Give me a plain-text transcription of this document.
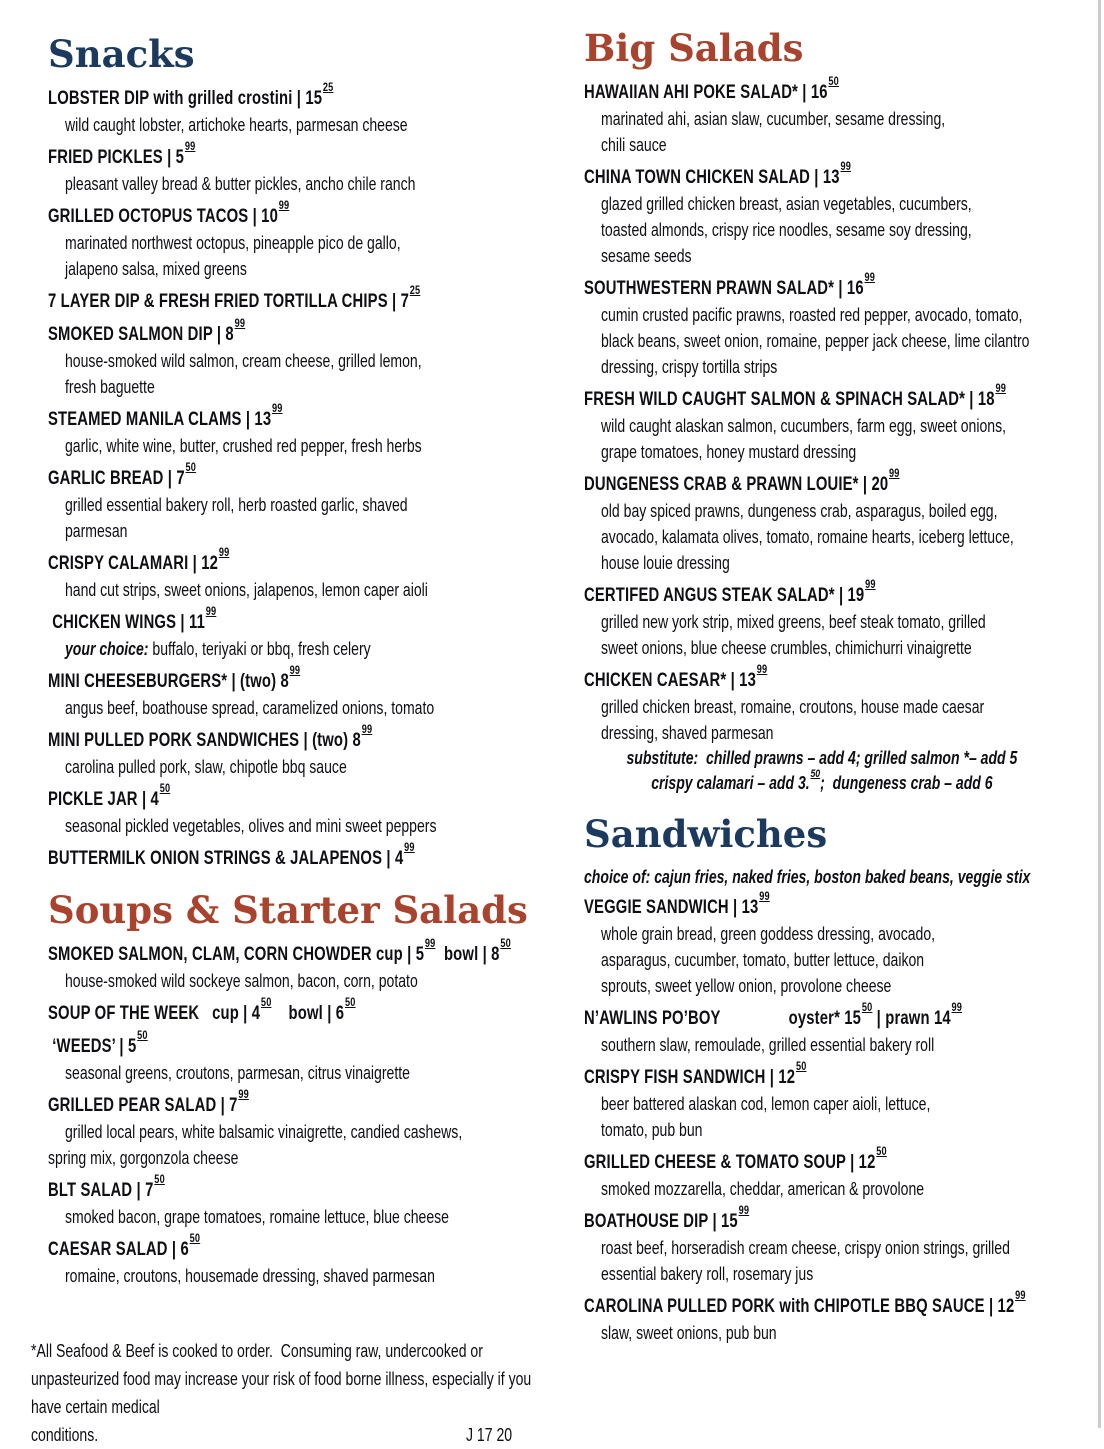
Snacks
LOBSTER DIP with grilled crostini | $15^{25}$
wild caught lobster, artichoke hearts, parmesan cheese
FRIED PICKLES | $5^{99}$
pleasant valley bread & butter pickles, ancho chile ranch
GRILLED OCTOPUS TACOS | $10^{99}$
marinated northwest octopus, pineapple pico de gallo,
jalapeno salsa, mixed greens
7 LAYER DIP & FRESH FRIED TORTILLA CHIPS | $7^{25}$
SMOKED SALMON DIP | $8^{99}$
house-smoked wild salmon, cream cheese, grilled lemon,
fresh baguette
STEAMED MANILA CLAMS | $13^{99}$
garlic, white wine, butter, crushed red pepper, fresh herbs
GARLIC BREAD | $7^{50}$
grilled essential bakery roll, herb roasted garlic, shaved
parmesan
CRISPY CALAMARI | $12^{99}$
hand cut strips, sweet onions, jalapenos, lemon caper aioli
CHICKEN WINGS | $11^{99}$
your choice: buffalo, teriyaki or bbq, fresh celery
MINI CHEESEBURGERS* | (two) $8^{99}$
angus beef, boathouse spread, caramelized onions, tomato
MINI PULLED PORK SANDWICHES | (two) $8^{99}$
carolina pulled pork, slaw, chipotle bbq sauce
PICKLE JAR | $4^{50}$
seasonal pickled vegetables, olives and mini sweet peppers
BUTTERMILK ONION STRINGS & JALAPENOS | $4^{99}$
Soups & Starter Salads
SMOKED SALMON, CLAM, CORN CHOWDER cup | $5^{99}$  bowl | $8^{50}$
house-smoked wild sockeye salmon, bacon, corn, potato
SOUP OF THE WEEK   cup | $4^{50}$    bowl | $6^{50}$
‘WEEDS’ | $5^{50}$
seasonal greens, croutons, parmesan, citrus vinaigrette
GRILLED PEAR SALAD | $7^{99}$
grilled local pears, white balsamic vinaigrette, candied cashews,
spring mix, gorgonzola cheese
BLT SALAD | $7^{50}$
smoked bacon, grape tomatoes, romaine lettuce, blue cheese
CAESAR SALAD | $6^{50}$
romaine, croutons, housemade dressing, shaved parmesan
Big Salads
HAWAIIAN AHI POKE SALAD* | $16^{50}$
marinated ahi, asian slaw, cucumber, sesame dressing,
chili sauce
CHINA TOWN CHICKEN SALAD | $13^{99}$
glazed grilled chicken breast, asian vegetables, cucumbers,
toasted almonds, crispy rice noodles, sesame soy dressing,
sesame seeds
SOUTHWESTERN PRAWN SALAD* | $16^{99}$
cumin crusted pacific prawns, roasted red pepper, avocado, tomato,
black beans, sweet onion, romaine, pepper jack cheese, lime cilantro
dressing, crispy tortilla strips
FRESH WILD CAUGHT SALMON & SPINACH SALAD* | $18^{99}$
wild caught alaskan salmon, cucumbers, farm egg, sweet onions,
grape tomatoes, honey mustard dressing
DUNGENESS CRAB & PRAWN LOUIE* | $20^{99}$
old bay spiced prawns, dungeness crab, asparagus, boiled egg,
avocado, kalamata olives, tomato, romaine hearts, iceberg lettuce,
house louie dressing
CERTIFED ANGUS STEAK SALAD* | $19^{99}$
grilled new york strip, mixed greens, beef steak tomato, grilled
sweet onions, blue cheese crumbles, chimichurri vinaigrette
CHICKEN CAESAR* | $13^{99}$
grilled chicken breast, romaine, croutons, house made caesar
dressing, shaved parmesan
substitute:  chilled prawns – add 4; grilled salmon *– add 5
crispy calamari – add 3.50;  dungeness crab – add 6
Sandwiches
choice of: cajun fries, naked fries, boston baked beans, veggie stix
VEGGIE SANDWICH | $13^{99}$
whole grain bread, green goddess dressing, avocado,
asparagus, cucumber, tomato, butter lettuce, daikon
sprouts, sweet yellow onion, provolone cheese
N’AWLINS PO’BOY                oyster* $15^{50}$ | prawn $14^{99}$
southern slaw, remoulade, grilled essential bakery roll
CRISPY FISH SANDWICH | $12^{50}$
beer battered alaskan cod, lemon caper aioli, lettuce,
tomato, pub bun
GRILLED CHEESE & TOMATO SOUP | $12^{50}$
smoked mozzarella, cheddar, american & provolone
BOATHOUSE DIP | $15^{99}$
roast beef, horseradish cream cheese, crispy onion strings, grilled
essential bakery roll, rosemary jus
CAROLINA PULLED PORK with CHIPOTLE BBQ SAUCE | $12^{99}$
slaw, sweet onions, pub bun
*All Seafood & Beef is cooked to order.  Consuming raw, undercooked or unpasteurized food may increase your risk of food borne illness, especially if you have certain medical
conditions.	J 17 20
